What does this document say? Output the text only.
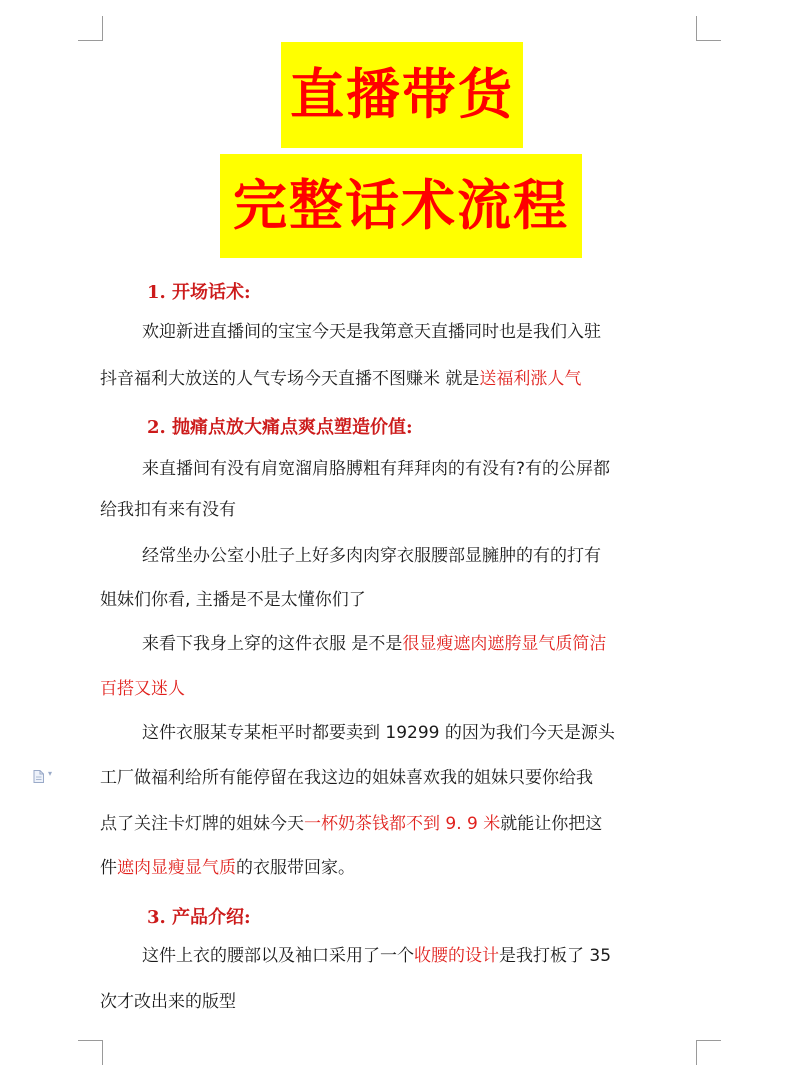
直播带货
完整话术流程
1. 开场话术:
欢迎新进直播间的宝宝今天是我第意天直播同时也是我们入驻
抖音福利大放送的人气专场今天直播不图赚米 就是送福利涨人气
2. 抛痛点放大痛点爽点塑造价值:
来直播间有没有肩宽溜肩胳膊粗有拜拜肉的有没有?有的公屏都
给我扣有来有没有
经常坐办公室小肚子上好多肉肉穿衣服腰部显臃肿的有的打有
姐妹们你看, 主播是不是太懂你们了
来看下我身上穿的这件衣服 是不是很显瘦遮肉遮胯显气质简洁
百搭又迷人
这件衣服某专某柜平时都要卖到 19299 的因为我们今天是源头
工厂做福利给所有能停留在我这边的姐妹喜欢我的姐妹只要你给我
点了关注卡灯牌的姐妹今天一杯奶茶钱都不到 9. 9 米就能让你把这
件遮肉显瘦显气质的衣服带回家。
3. 产品介绍:
这件上衣的腰部以及袖口采用了一个收腰的设计是我打板了 35
次才改出来的版型
▾
